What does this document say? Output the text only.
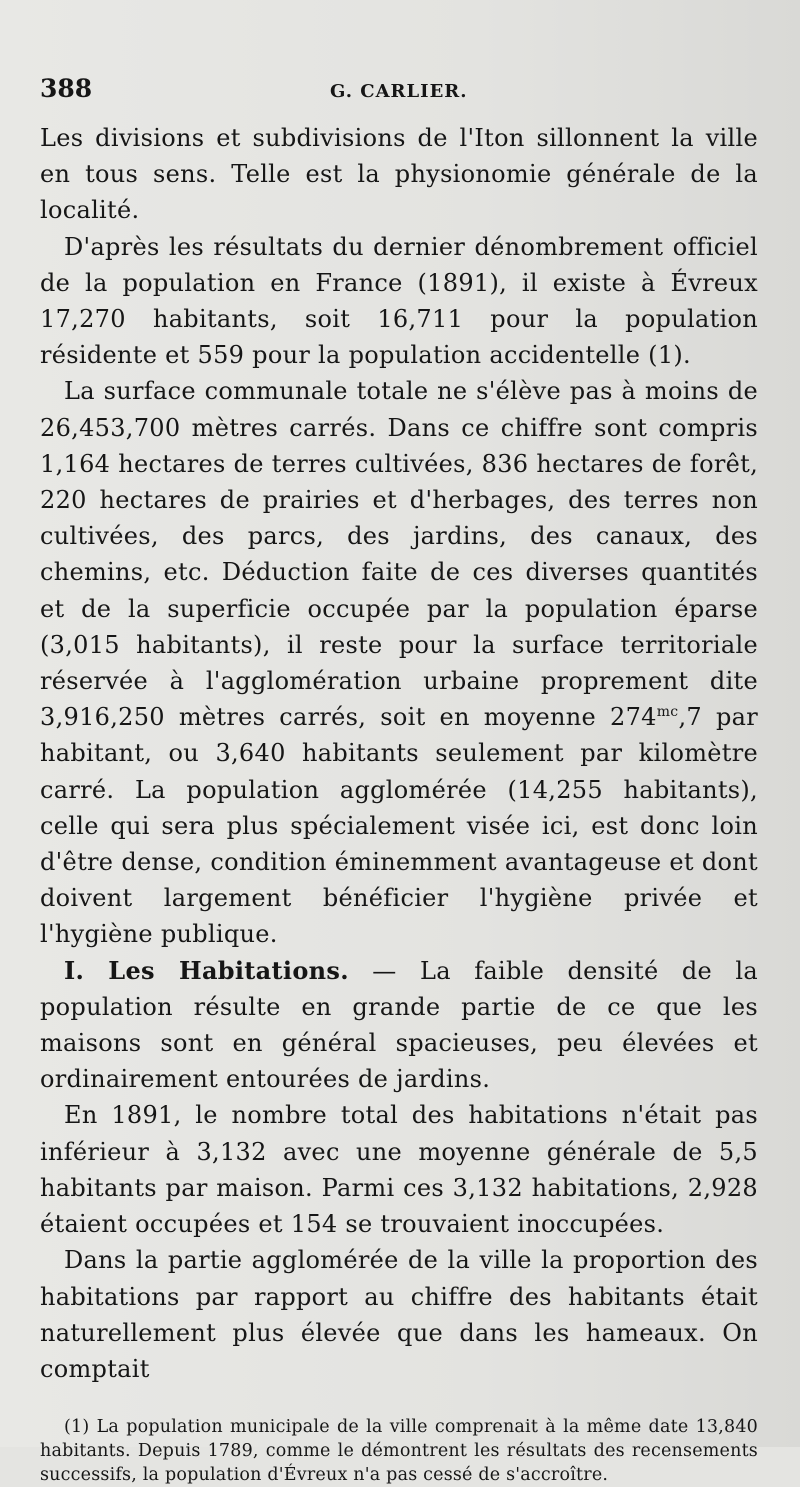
388	G. CARLIER.

Les divisions et subdivisions de l'Iton sillonnent la ville en tous sens. Telle est la physionomie générale de la localité.

D'après les résultats du dernier dénombrement officiel de la population en France (1891), il existe à Évreux 17,270 habitants, soit 16,711 pour la population résidente et 559 pour la population accidentelle (1).

La surface communale totale ne s'élève pas à moins de 26,453,700 mètres carrés. Dans ce chiffre sont compris 1,164 hectares de terres cultivées, 836 hectares de forêt, 220 hectares de prairies et d'herbages, des terres non cultivées, des parcs, des jardins, des canaux, des chemins, etc. Déduction faite de ces diverses quantités et de la superficie occupée par la population éparse (3,015 habitants), il reste pour la surface territoriale réservée à l'agglomération urbaine proprement dite 3,916,250 mètres carrés, soit en moyenne $274^{mc},7$ par habitant, ou 3,640 habitants seulement par kilomètre carré. La population agglomérée (14,255 habitants), celle qui sera plus spécialement visée ici, est donc loin d'être dense, condition éminemment avantageuse et dont doivent largement bénéficier l'hygiène privée et l'hygiène publique.

I. Les Habitations. — La faible densité de la population résulte en grande partie de ce que les maisons sont en général spacieuses, peu élevées et ordinairement entourées de jardins.

En 1891, le nombre total des habitations n'était pas inférieur à 3,132 avec une moyenne générale de 5,5 habitants par maison. Parmi ces 3,132 habitations, 2,928 étaient occupées et 154 se trouvaient inoccupées.

Dans la partie agglomérée de la ville la proportion des habitations par rapport au chiffre des habitants était naturellement plus élevée que dans les hameaux. On comptait

(1) La population municipale de la ville comprenait à la même date 13,840 habitants. Depuis 1789, comme le démontrent les résultats des recensements successifs, la population d'Évreux n'a pas cessé de s'accroître.
